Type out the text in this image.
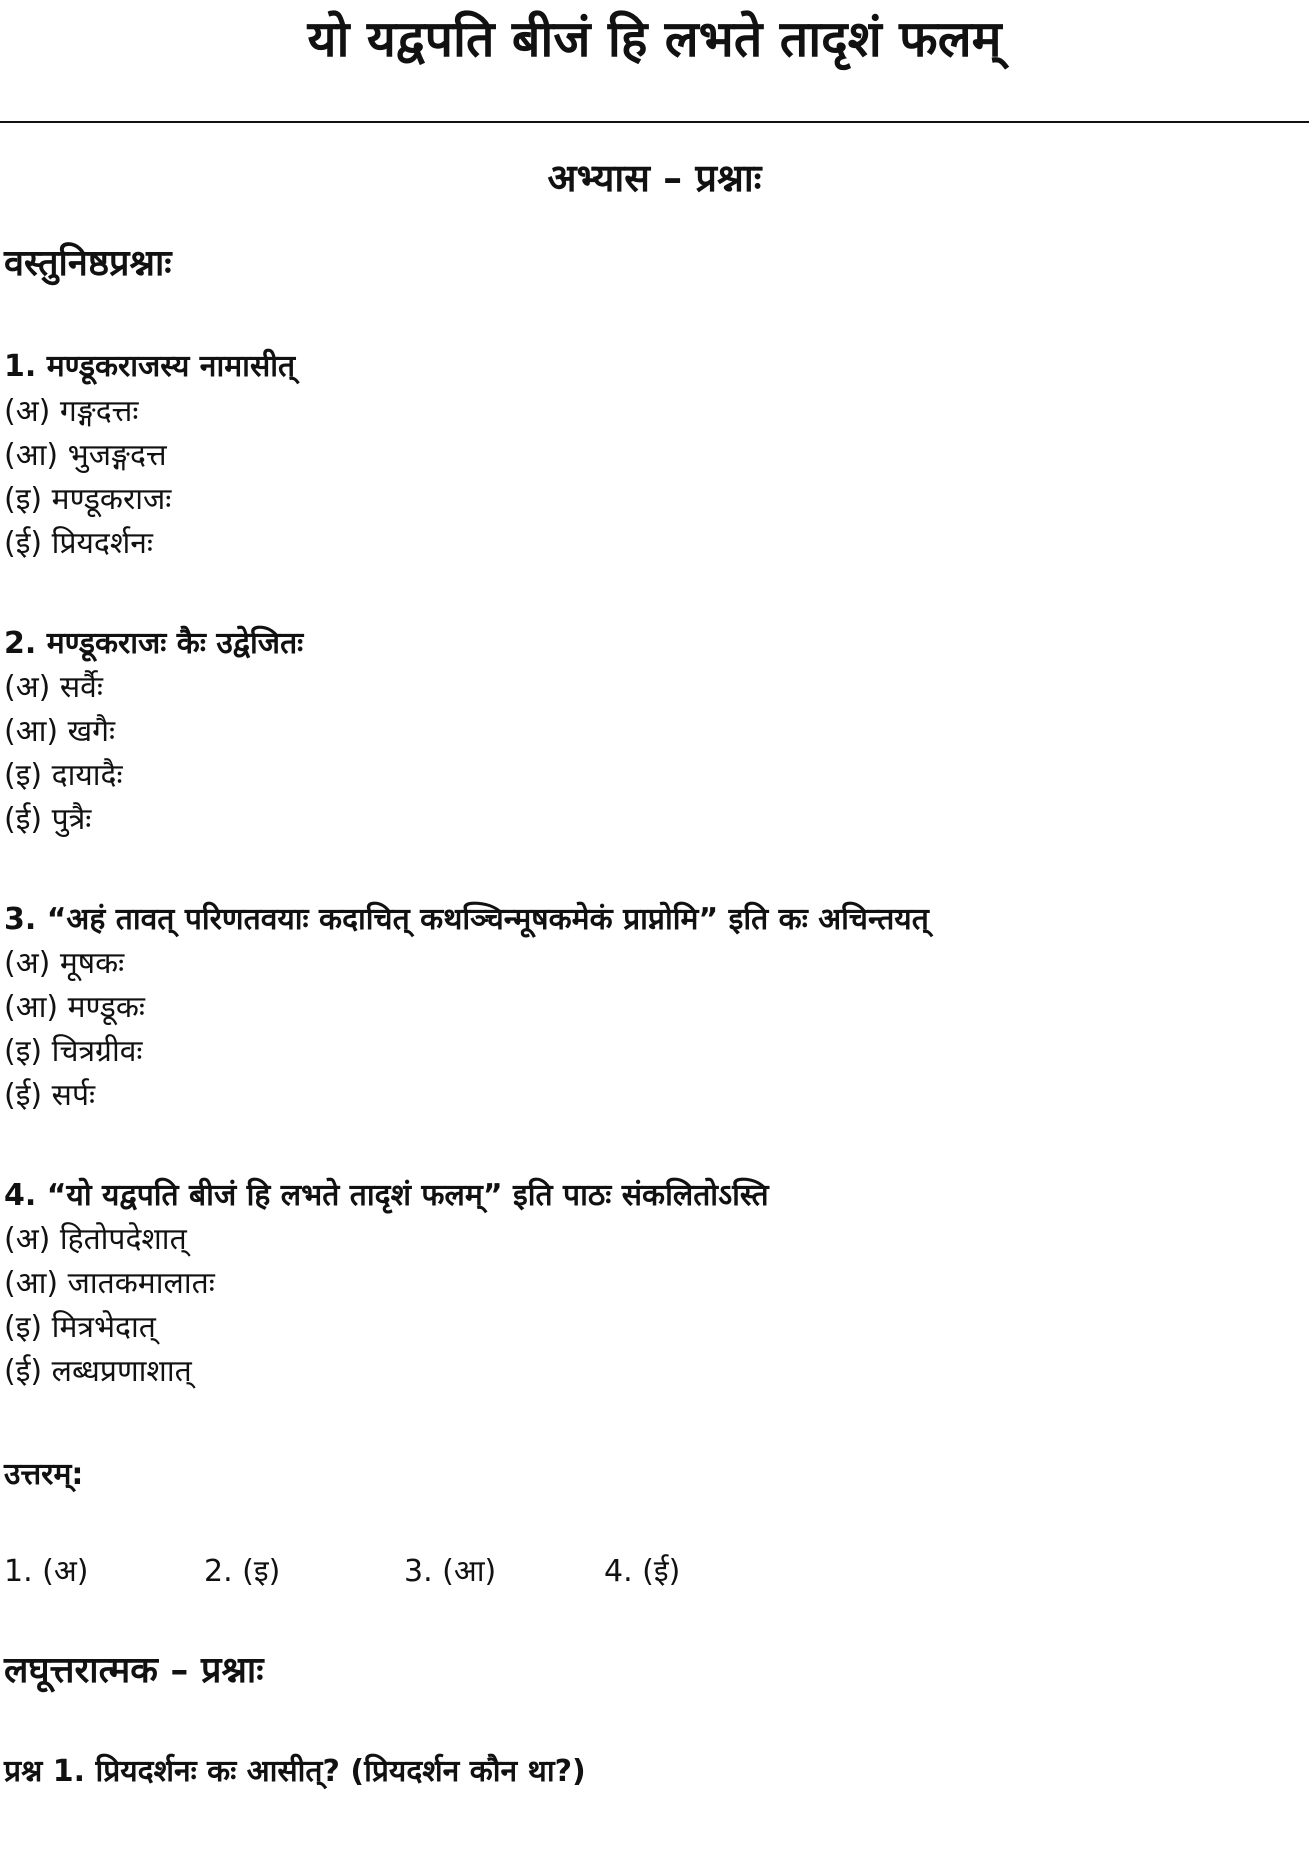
यो यद्वपति बीजं हि लभते तादृशं फलम्
अभ्यास – प्रश्नाः
वस्तुनिष्ठप्रश्नाः
1. मण्डूकराजस्य नामासीत्
(अ) गङ्गदत्तः
(आ) भुजङ्गदत्त
(इ) मण्डूकराजः
(ई) प्रियदर्शनः
2. मण्डूकराजः कैः उद्वेजितः
(अ) सर्वैः
(आ) खगैः
(इ) दायादैः
(ई) पुत्रैः
3. “अहं तावत् परिणतवयाः कदाचित् कथञ्चिन्मूषकमेकं प्राप्नोमि” इति कः अचिन्तयत्
(अ) मूषकः
(आ) मण्डूकः
(इ) चित्रग्रीवः
(ई) सर्पः
4. “यो यद्वपति बीजं हि लभते तादृशं फलम्” इति पाठः संकलितोऽस्ति
(अ) हितोपदेशात्
(आ) जातकमालातः
(इ) मित्रभेदात्
(ई) लब्धप्रणाशात्
उत्तरम्:
1. (अ)	2. (इ)	3. (आ)	4. (ई)
लघूत्तरात्मक – प्रश्नाः
प्रश्न 1. प्रियदर्शनः कः आसीत्? (प्रियदर्शन कौन था?)
